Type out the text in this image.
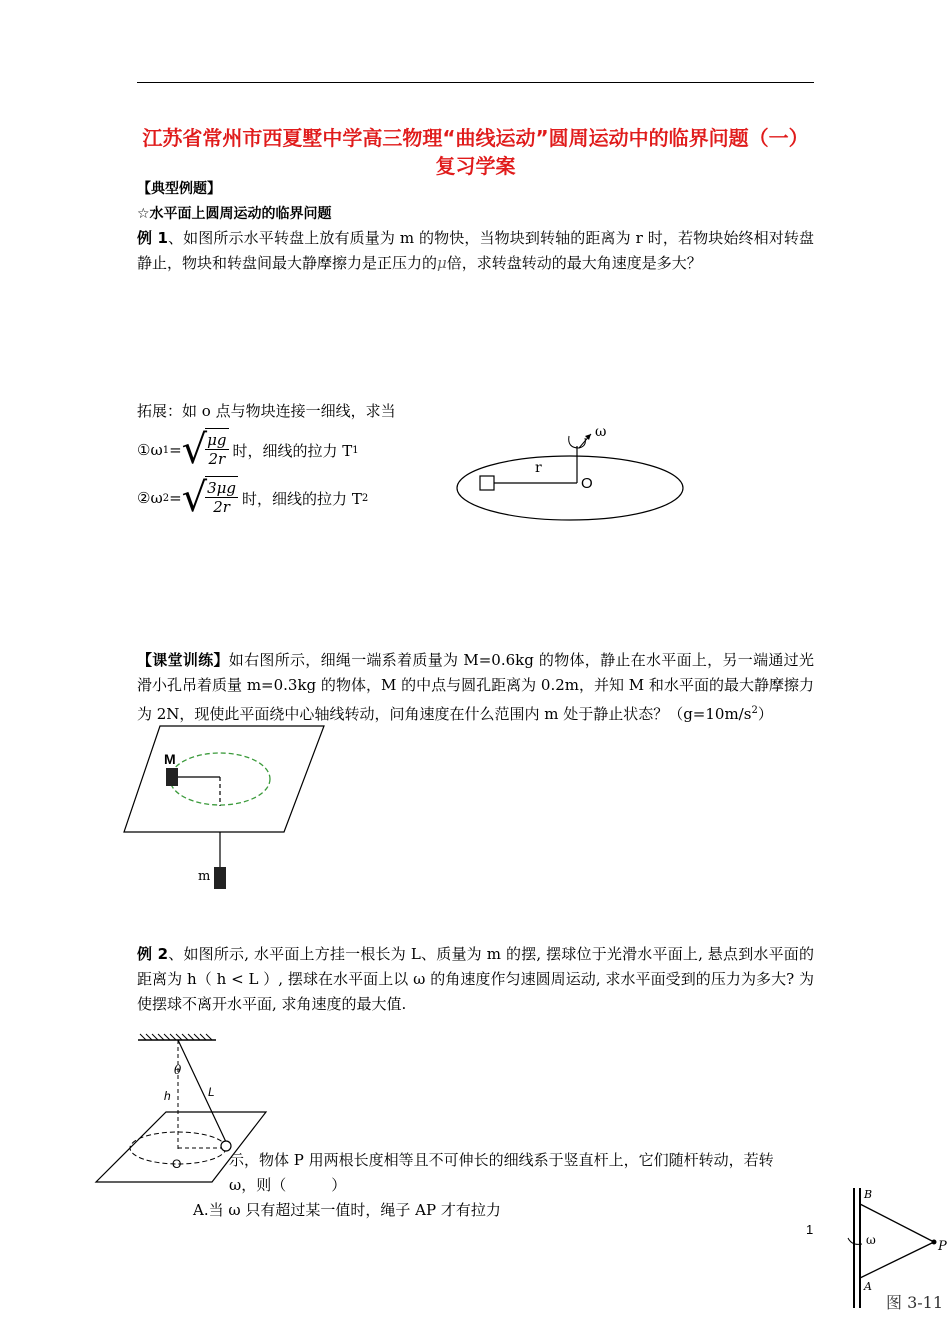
江苏省常州市西夏墅中学高三物理“曲线运动”圆周运动中的临界问题（一）复习学案
【典型例题】
☆水平面上圆周运动的临界问题
例 1、如图所示水平转盘上放有质量为 m 的物快，当物块到转轴的距离为 r 时，若物块始终相对转盘静止，物块和转盘间最大静摩擦力是正压力的μ倍，求转盘转动的最大角速度是多大？
拓展：如 o 点与物块连接一细线，求当
①ω 1 = √
$\frac{\mu g}{2r}$ 时，细线的拉力 T 1
②ω 2 = √
$\frac{3\mu g}{2r}$ 时，细线的拉力 T 2
ω
r
O
【课堂训练】如右图所示，细绳一端系着质量为 M=0.6kg 的物体，静止在水平面上，另一端通过光滑小孔吊着质量 m=0.3kg 的物体，M 的中点与圆孔距离为 0.2m，并知 M 和水平面的最大静摩擦力为 2N，现使此平面绕中心轴线转动，问角速度在什么范围内 m 处于静止状态？$(g=10m/s^2)$
M
m
例 2、如图所示, 水平面上方挂一根长为 L、质量为 m 的摆, 摆球位于光滑水平面上, 悬点到水平面的距离为 h（ h < L ）, 摆球在水平面上以 ω 的角速度作匀速圆周运动, 求水平面受到的压力为多大? 为使摆球不离开水平面, 求角速度的最大值.
示，物体 P 用两根长度相等且不可伸长的细线系于竖直杆上，它们随杆转动，若转
ω，则（　　　）
A.当 ω 只有超过某一值时，绳子 AP 才有拉力
θ
h	L
O
B
A
P
ω
1
图 3-11
